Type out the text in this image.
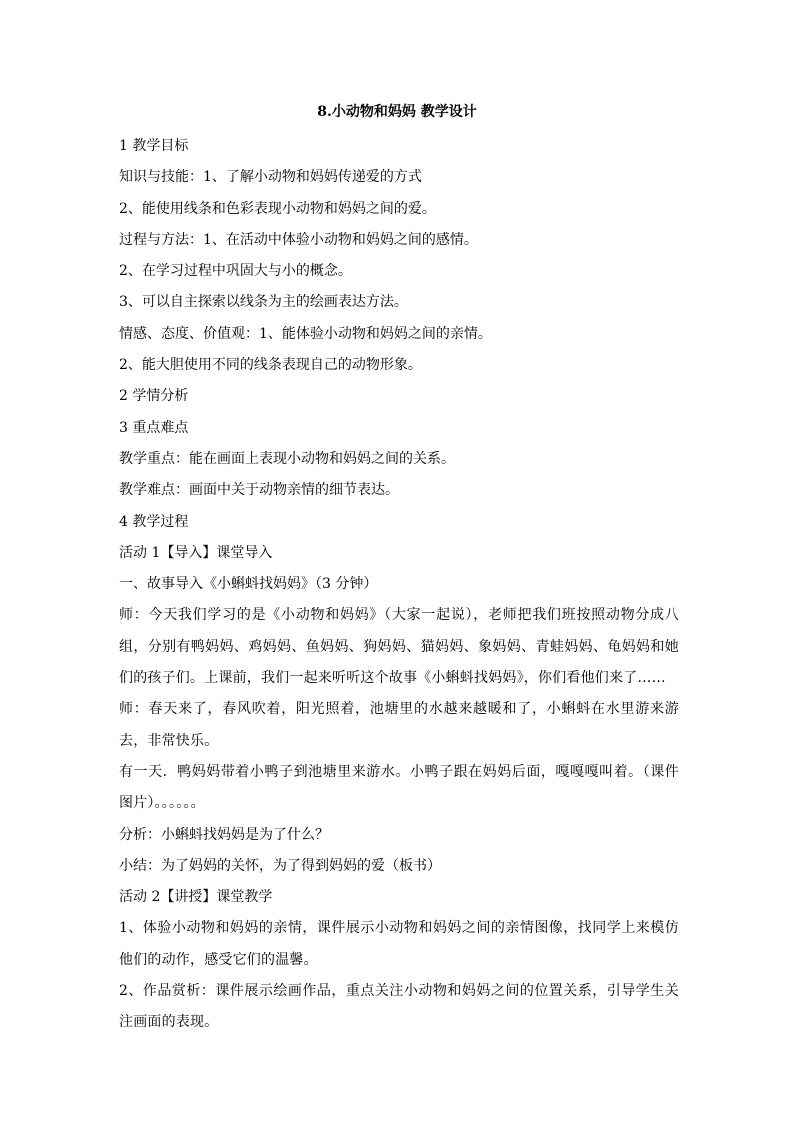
8.小动物和妈妈 教学设计

1 教学目标

知识与技能：1、了解小动物和妈妈传递爱的方式

2、能使用线条和色彩表现小动物和妈妈之间的爱。

过程与方法：1、在活动中体验小动物和妈妈之间的感情。

2、在学习过程中巩固大与小的概念。

3、可以自主探索以线条为主的绘画表达方法。

情感、态度、价值观：1、能体验小动物和妈妈之间的亲情。

2、能大胆使用不同的线条表现自己的动物形象。

2 学情分析

3 重点难点

教学重点：能在画面上表现小动物和妈妈之间的关系。

教学难点：画面中关于动物亲情的细节表达。

4 教学过程

活动 1【导入】课堂导入

一、故事导入《小蝌蚪找妈妈》（3 分钟）

师：今天我们学习的是《小动物和妈妈》（大家一起说），老师把我们班按照动物分成八组，分别有鸭妈妈、鸡妈妈、鱼妈妈、狗妈妈、猫妈妈、象妈妈、青蛙妈妈、龟妈妈和她们的孩子们。上课前，我们一起来听听这个故事《小蝌蚪找妈妈》，你们看他们来了……

师：春天来了，春风吹着，阳光照着，池塘里的水越来越暖和了，小蝌蚪在水里游来游去，非常快乐。

有一天．鸭妈妈带着小鸭子到池塘里来游水。小鸭子跟在妈妈后面，嘎嘎嘎叫着。（课件图片）。。。。。。

分析：小蝌蚪找妈妈是为了什么？

小结：为了妈妈的关怀，为了得到妈妈的爱（板书）

活动 2【讲授】课堂教学

1、体验小动物和妈妈的亲情，课件展示小动物和妈妈之间的亲情图像，找同学上来模仿他们的动作，感受它们的温馨。

2、作品赏析：课件展示绘画作品，重点关注小动物和妈妈之间的位置关系，引导学生关注画面的表现。
